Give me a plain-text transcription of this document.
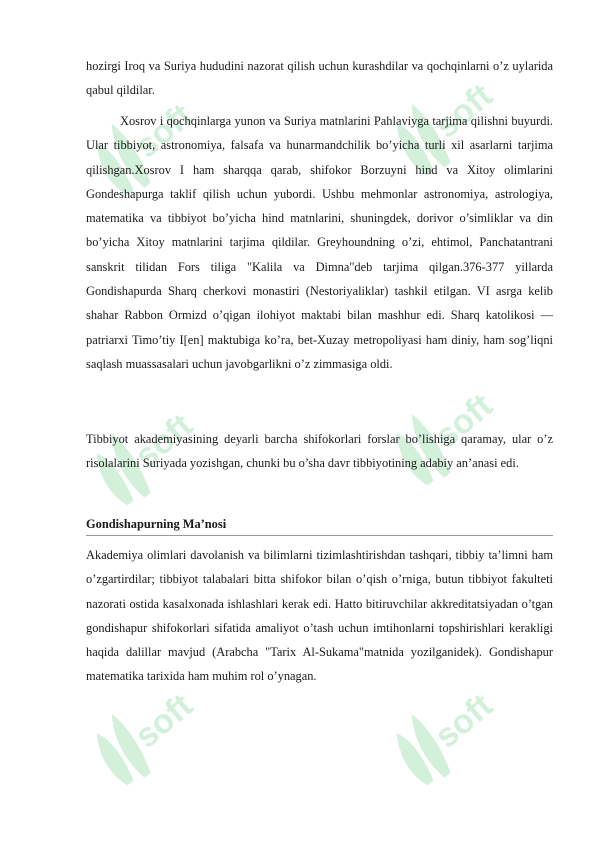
soft	soft
soft	soft
soft	soft

hozirgi Iroq va Suriya hududini nazorat qilish uchun kurashdilar va qochqinlarni o’z uylarida qabul qildilar.

Xosrov i qochqinlarga yunon va Suriya matnlarini Pahlaviyga tarjima qilishni buyurdi. Ular tibbiyot, astronomiya, falsafa va hunarmandchilik bo’yicha turli xil asarlarni tarjima qilishgan.Xosrov I ham sharqqa qarab, shifokor Borzuyni hind va Xitoy olimlarini Gondeshapurga taklif qilish uchun yubordi. Ushbu mehmonlar astronomiya, astrologiya, matematika va tibbiyot bo’yicha hind matnlarini, shuningdek, dorivor o’simliklar va din bo’yicha Xitoy matnlarini tarjima qildilar. Greyhoundning o’zi, ehtimol, Panchatantrani sanskrit tilidan Fors tiliga "Kalila va Dimna"deb tarjima qilgan.376-377 yillarda Gondishapurda Sharq cherkovi monastiri (Nestoriyaliklar) tashkil etilgan. VI asrga kelib shahar Rabbon Ormizd o’qigan ilohiyot maktabi bilan mashhur edi. Sharq katolikosi — patriarxi Timo’tiy I[en] maktubiga ko’ra, bet-Xuzay metropoliyasi ham diniy, ham sog’liqni saqlash muassasalari uchun javobgarlikni o’z zimmasiga oldi.

Tibbiyot akademiyasining deyarli barcha shifokorlari forslar bo’lishiga qaramay, ular o’z risolalarini Suriyada yozishgan, chunki bu o’sha davr tibbiyotining adabiy an’anasi edi.

Gondishapurning Ma’nosi

Akademiya olimlari davolanish va bilimlarni tizimlashtirishdan tashqari, tibbiy ta’limni ham o’zgartirdilar; tibbiyot talabalari bitta shifokor bilan o’qish o’rniga, butun tibbiyot fakulteti nazorati ostida kasalxonada ishlashlari kerak edi. Hatto bitiruvchilar akkreditatsiyadan o’tgan gondishapur shifokorlari sifatida amaliyot o’tash uchun imtihonlarni topshirishlari kerakligi haqida dalillar mavjud (Arabcha "Tarix Al-Sukama"matnida yozilganidek). Gondishapur matematika tarixida ham muhim rol o’ynagan.
